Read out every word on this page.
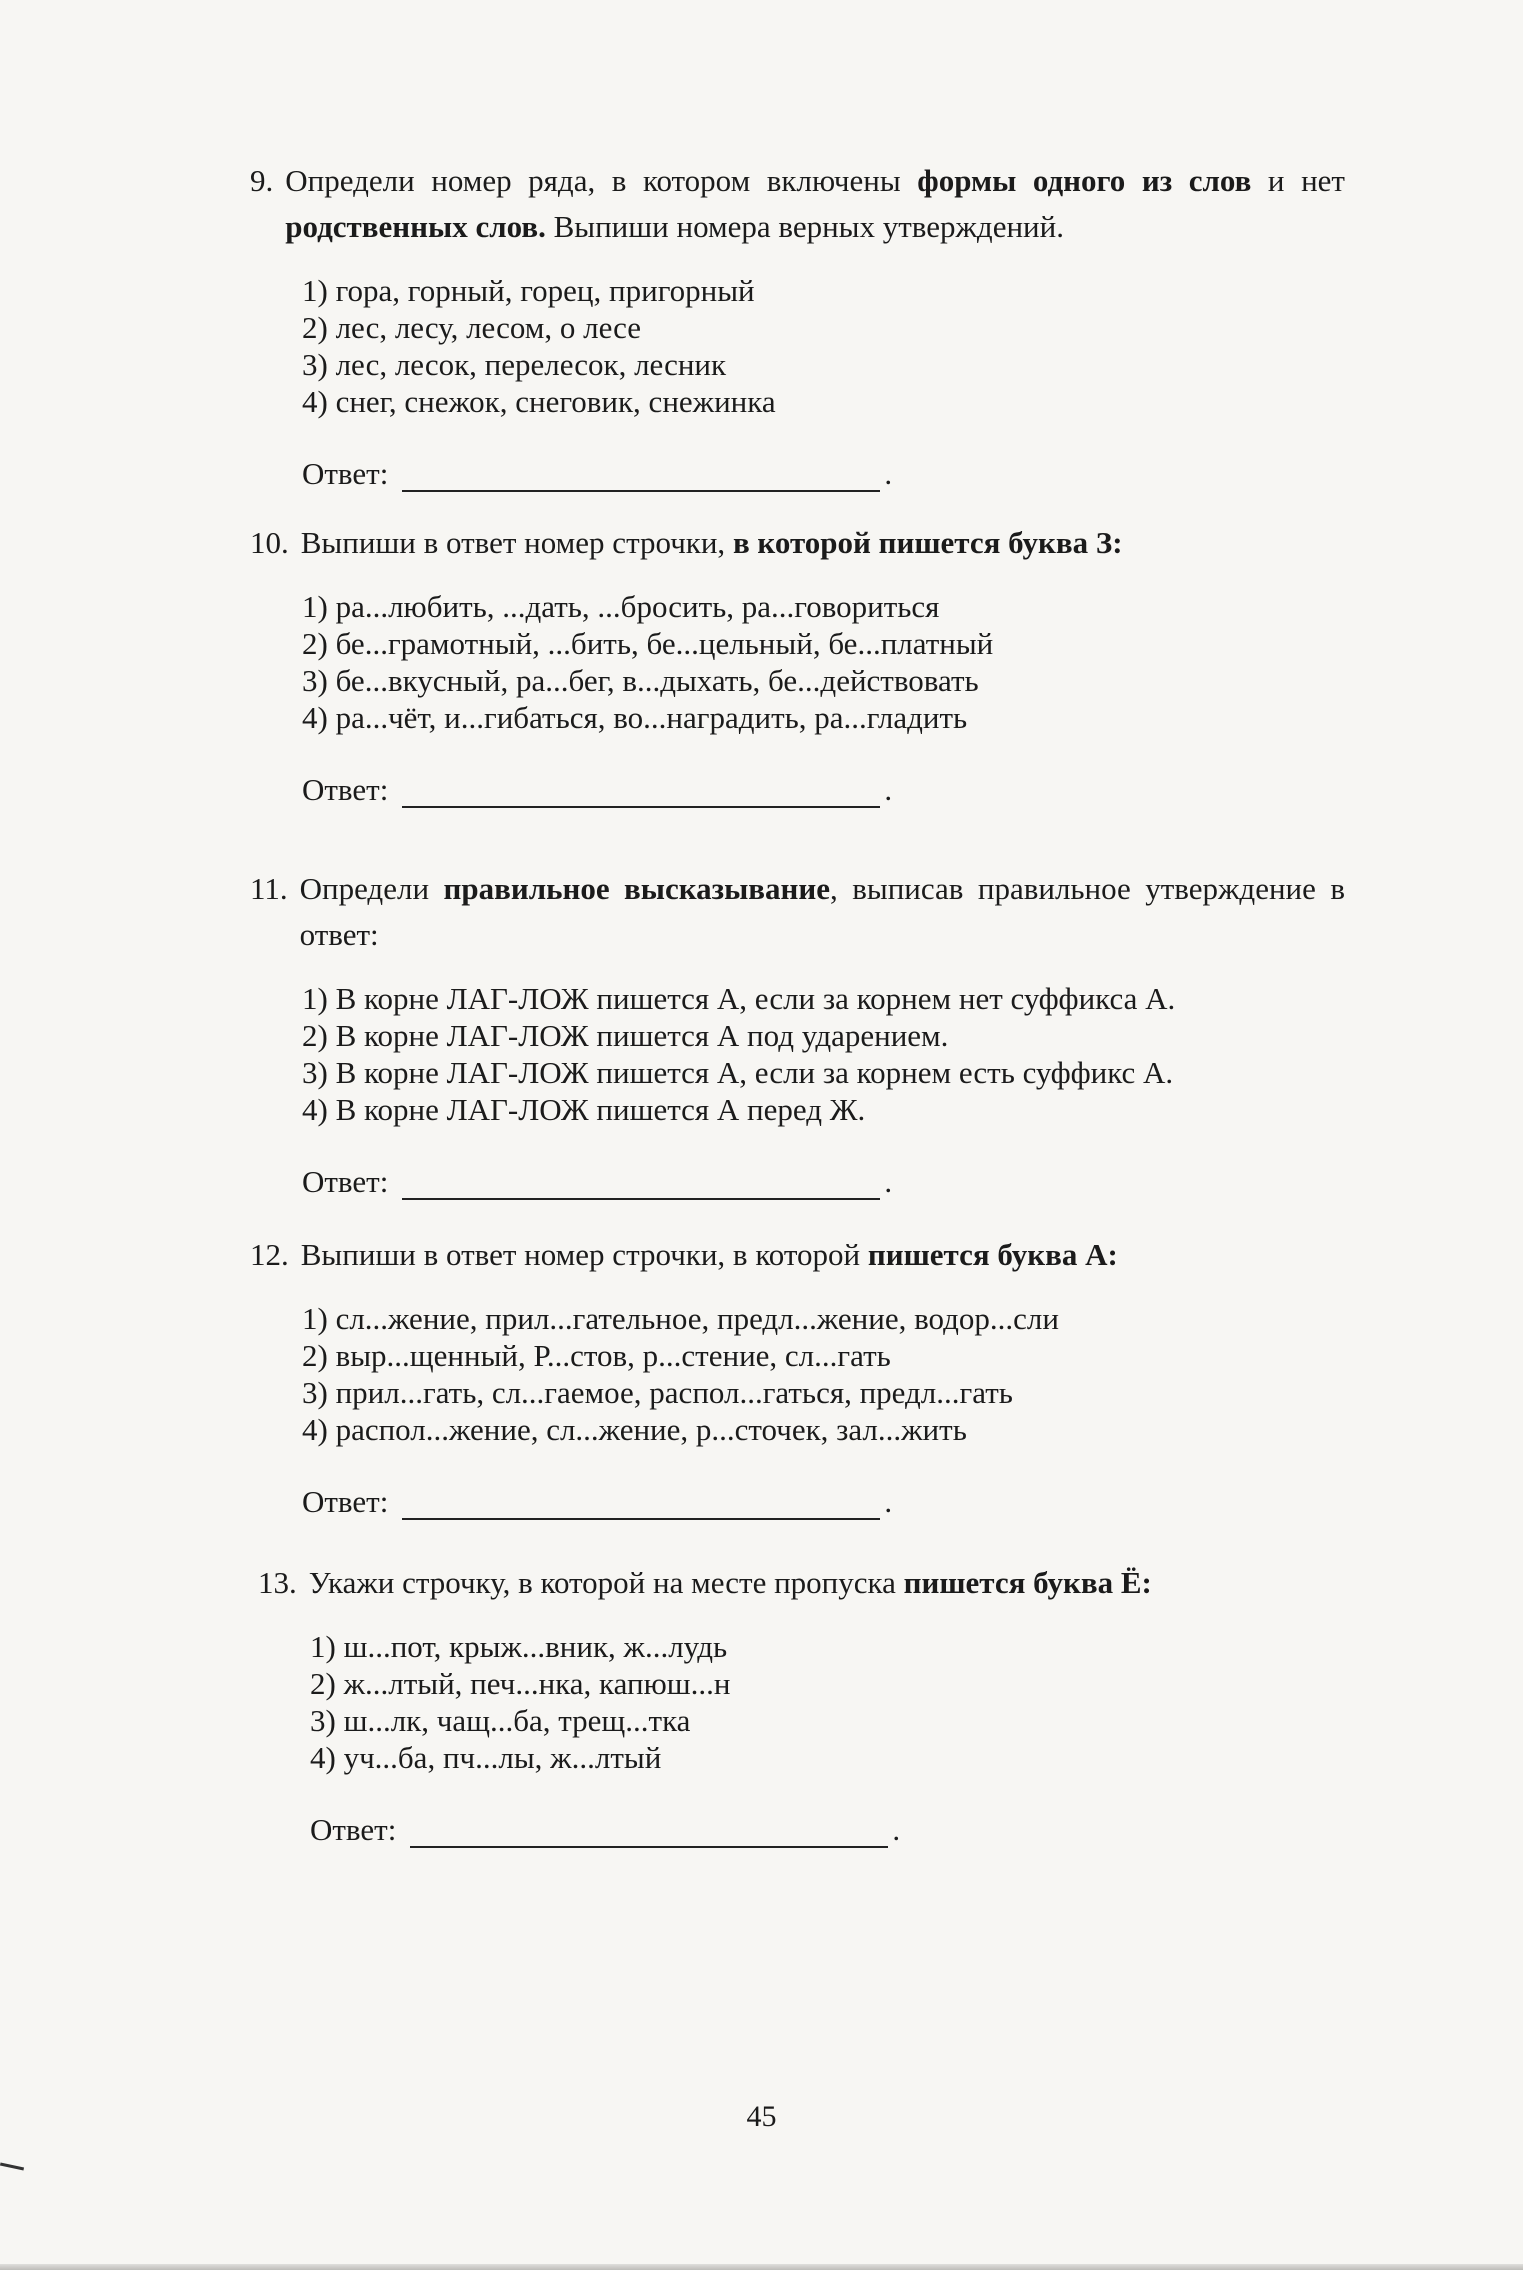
9. Определи номер ряда, в котором включены формы одного из слов и нет родственных слов. Выпиши номера верных утверждений.
1) гора, горный, горец, пригорный
2) лес, лесу, лесом, о лесе
3) лес, лесок, перелесок, лесник
4) снег, снежок, снеговик, снежинка
Ответ:	.
10. Выпиши в ответ номер строчки, в которой пишется буква З:
1) ра...любить, ...дать, ...бросить, ра...говориться
2) бе...грамотный, ...бить, бе...цельный, бе...платный
3) бе...вкусный, ра...бег, в...дыхать, бе...действовать
4) ра...чёт, и...гибаться, во...наградить, ра...гладить
Ответ:	.
11. Определи правильное высказывание, выписав правильное утверждение в ответ:
1) В корне ЛАГ-ЛОЖ пишется А, если за корнем нет суффикса А.
2) В корне ЛАГ-ЛОЖ пишется А под ударением.
3) В корне ЛАГ-ЛОЖ пишется А, если за корнем есть суффикс А.
4) В корне ЛАГ-ЛОЖ пишется А перед Ж.
Ответ:	.
12. Выпиши в ответ номер строчки, в которой пишется буква А:
1) сл...жение, прил...гательное, предл...жение, водор...сли
2) выр...щенный, Р...стов, р...стение, сл...гать
3) прил...гать, сл...гаемое, распол...гаться, предл...гать
4) распол...жение, сл...жение, р...сточек, зал...жить
Ответ:	.
13. Укажи строчку, в которой на месте пропуска пишется буква Ё:
1) ш...пот, крыж...вник, ж...лудь
2) ж...лтый, печ...нка, капюш...н
3) ш...лк, чащ...ба, трещ...тка
4) уч...ба, пч...лы, ж...лтый
Ответ:	.
45
